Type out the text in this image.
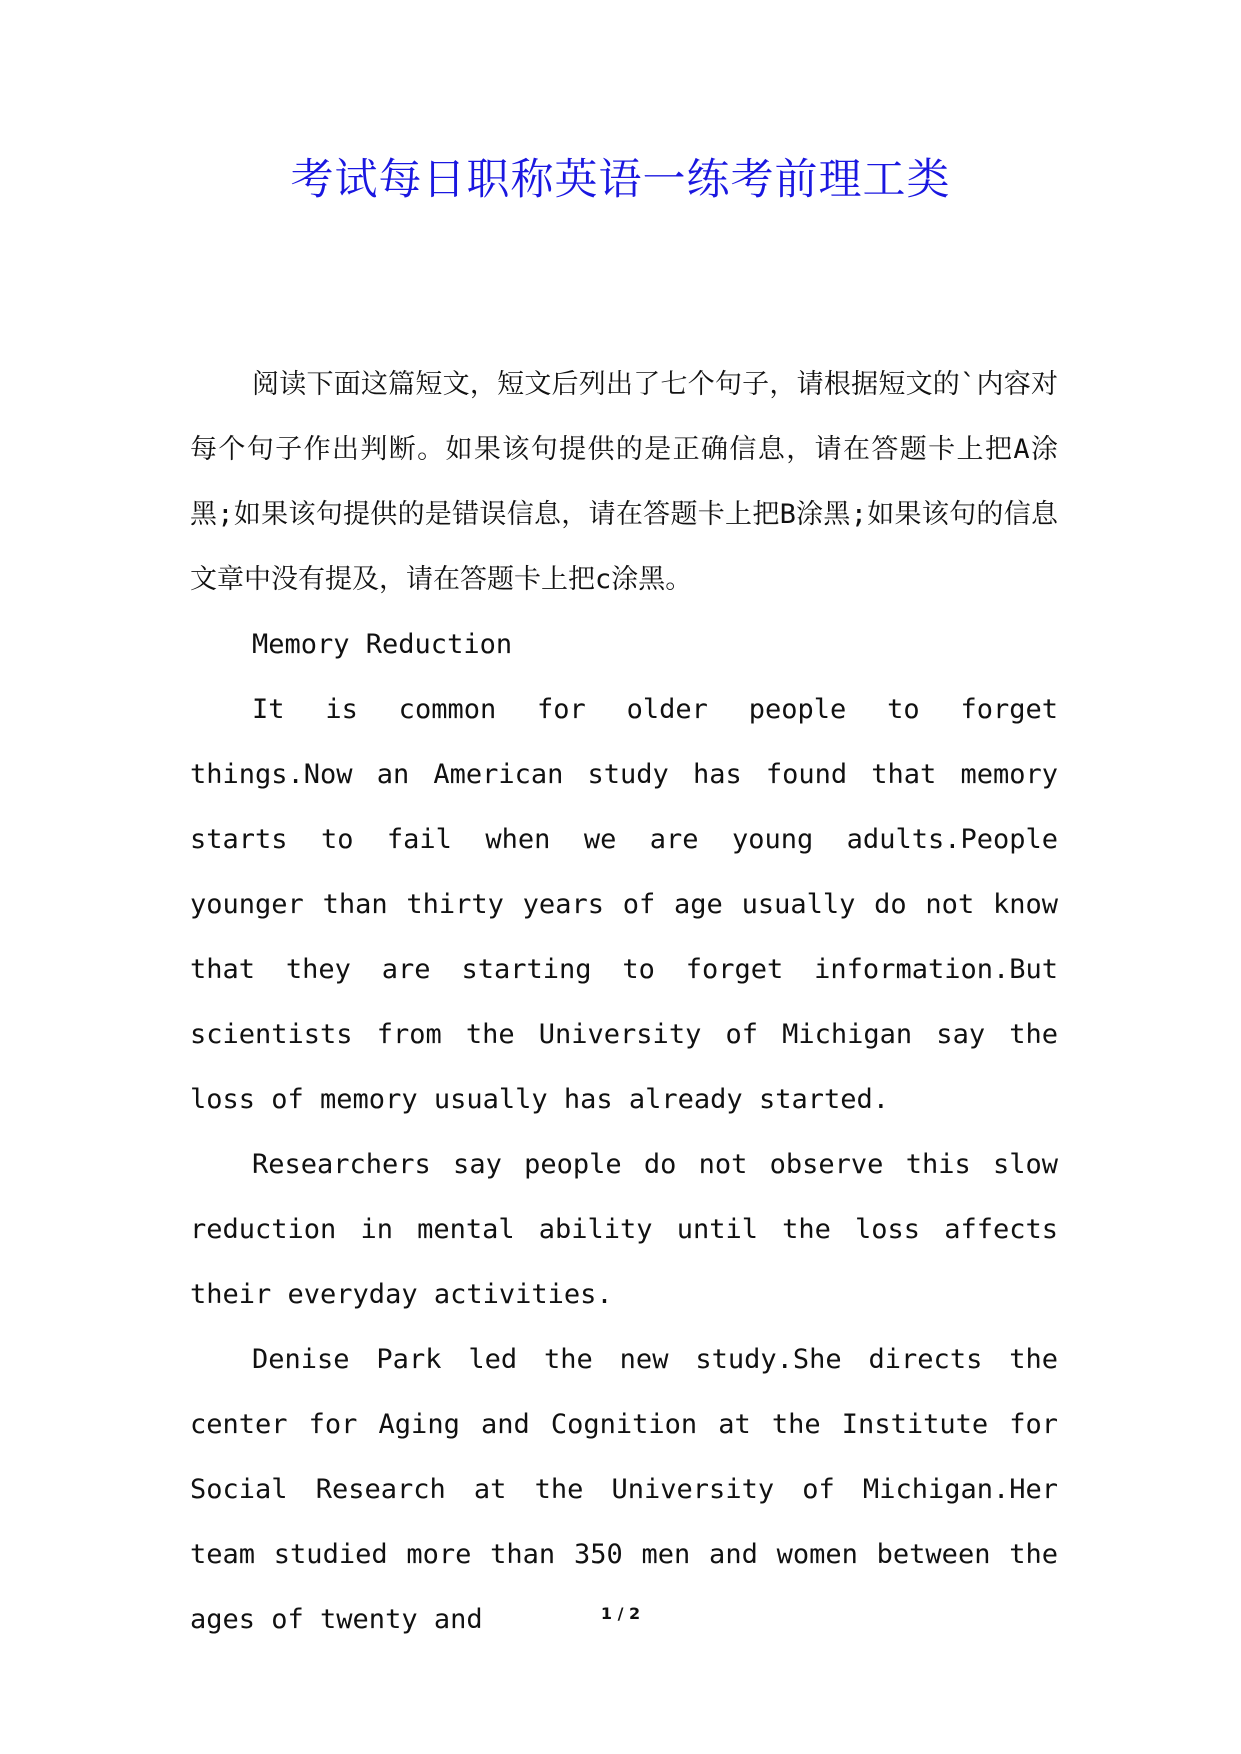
考试每日职称英语一练考前理工类

阅读下面这篇短文，短文后列出了七个句子，请根据短文的`内容对每个句子作出判断。如果该句提供的是正确信息，请在答题卡上把A涂黑;如果该句提供的是错误信息，请在答题卡上把B涂黑;如果该句的信息文章中没有提及，请在答题卡上把c涂黑。

Memory Reduction

It is common for older people to forget things.Now an American study has found that memory starts to fail when we are young adults.People younger than thirty years of age usually do not know that they are starting to forget information.But scientists from the University of Michigan say the loss of memory usually has already started.

Researchers say people do not observe this slow reduction in mental ability until the loss affects their everyday activities.

Denise Park led the new study.She directs the center for Aging and Cognition at the Institute for Social Research at the University of Michigan.Her team studied more than 350 men and women between the ages of twenty and	1 / 2
